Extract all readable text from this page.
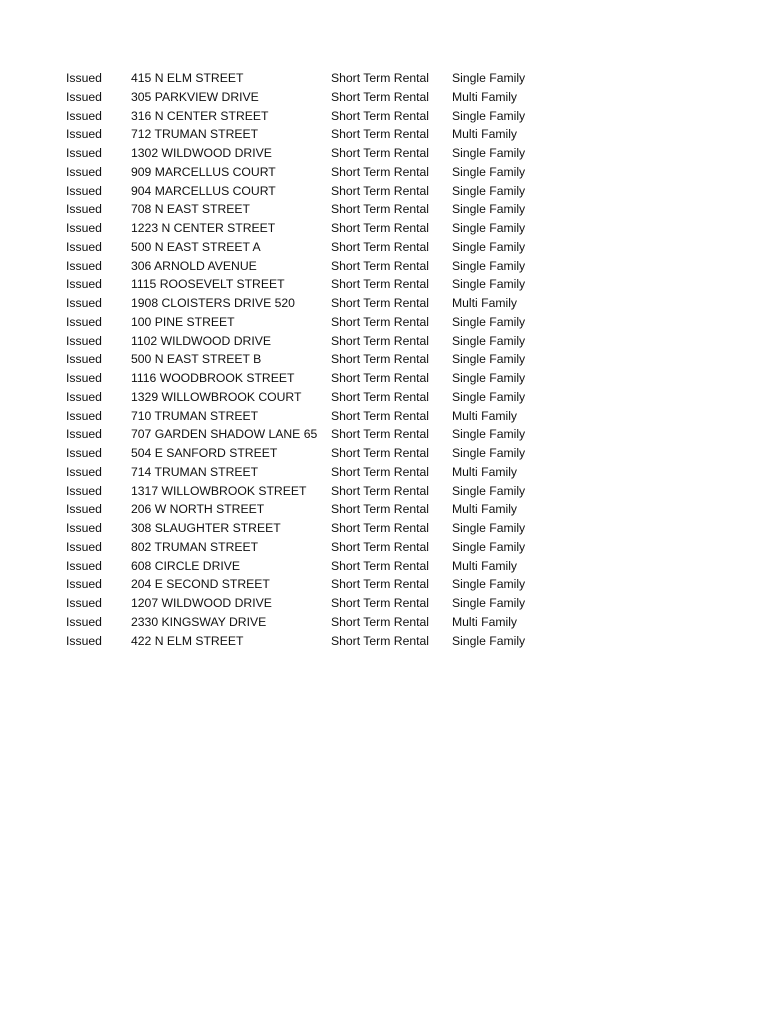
Issued 415 N ELM STREET	Short Term Rental Single Family
Issued 305 PARKVIEW DRIVE	Short Term Rental Multi Family
Issued 316 N CENTER STREET	Short Term Rental Single Family
Issued 712 TRUMAN STREET	Short Term Rental Multi Family
Issued 1302 WILDWOOD DRIVE	Short Term Rental Single Family
Issued 909 MARCELLUS COURT	Short Term Rental Single Family
Issued 904 MARCELLUS COURT	Short Term Rental Single Family
Issued 708 N EAST STREET	Short Term Rental Single Family
Issued 1223 N CENTER STREET	Short Term Rental Single Family
Issued 500 N EAST STREET A	Short Term Rental Single Family
Issued 306 ARNOLD AVENUE	Short Term Rental Single Family
Issued 1115 ROOSEVELT STREET	Short Term Rental Single Family
Issued 1908 CLOISTERS DRIVE 520	Short Term Rental Multi Family
Issued 100 PINE STREET	Short Term Rental Single Family
Issued 1102 WILDWOOD DRIVE	Short Term Rental Single Family
Issued 500 N EAST STREET B	Short Term Rental Single Family
Issued 1116 WOODBROOK STREET	Short Term Rental Single Family
Issued 1329 WILLOWBROOK COURT Short Term Rental Single Family
Issued 710 TRUMAN STREET	Short Term Rental Multi Family
Issued 707 GARDEN SHADOW LANE 65 Short Term Rental Single Family
Issued 504 E SANFORD STREET	Short Term Rental Single Family
Issued 714 TRUMAN STREET	Short Term Rental Multi Family
Issued 1317 WILLOWBROOK STREET Short Term Rental Single Family
Issued 206 W NORTH STREET	Short Term Rental Multi Family
Issued 308 SLAUGHTER STREET	Short Term Rental Single Family
Issued 802 TRUMAN STREET	Short Term Rental Single Family
Issued 608 CIRCLE DRIVE	Short Term Rental Multi Family
Issued 204 E SECOND STREET	Short Term Rental Single Family
Issued 1207 WILDWOOD DRIVE	Short Term Rental Single Family
Issued 2330 KINGSWAY DRIVE	Short Term Rental Multi Family
Issued 422 N ELM STREET	Short Term Rental Single Family
